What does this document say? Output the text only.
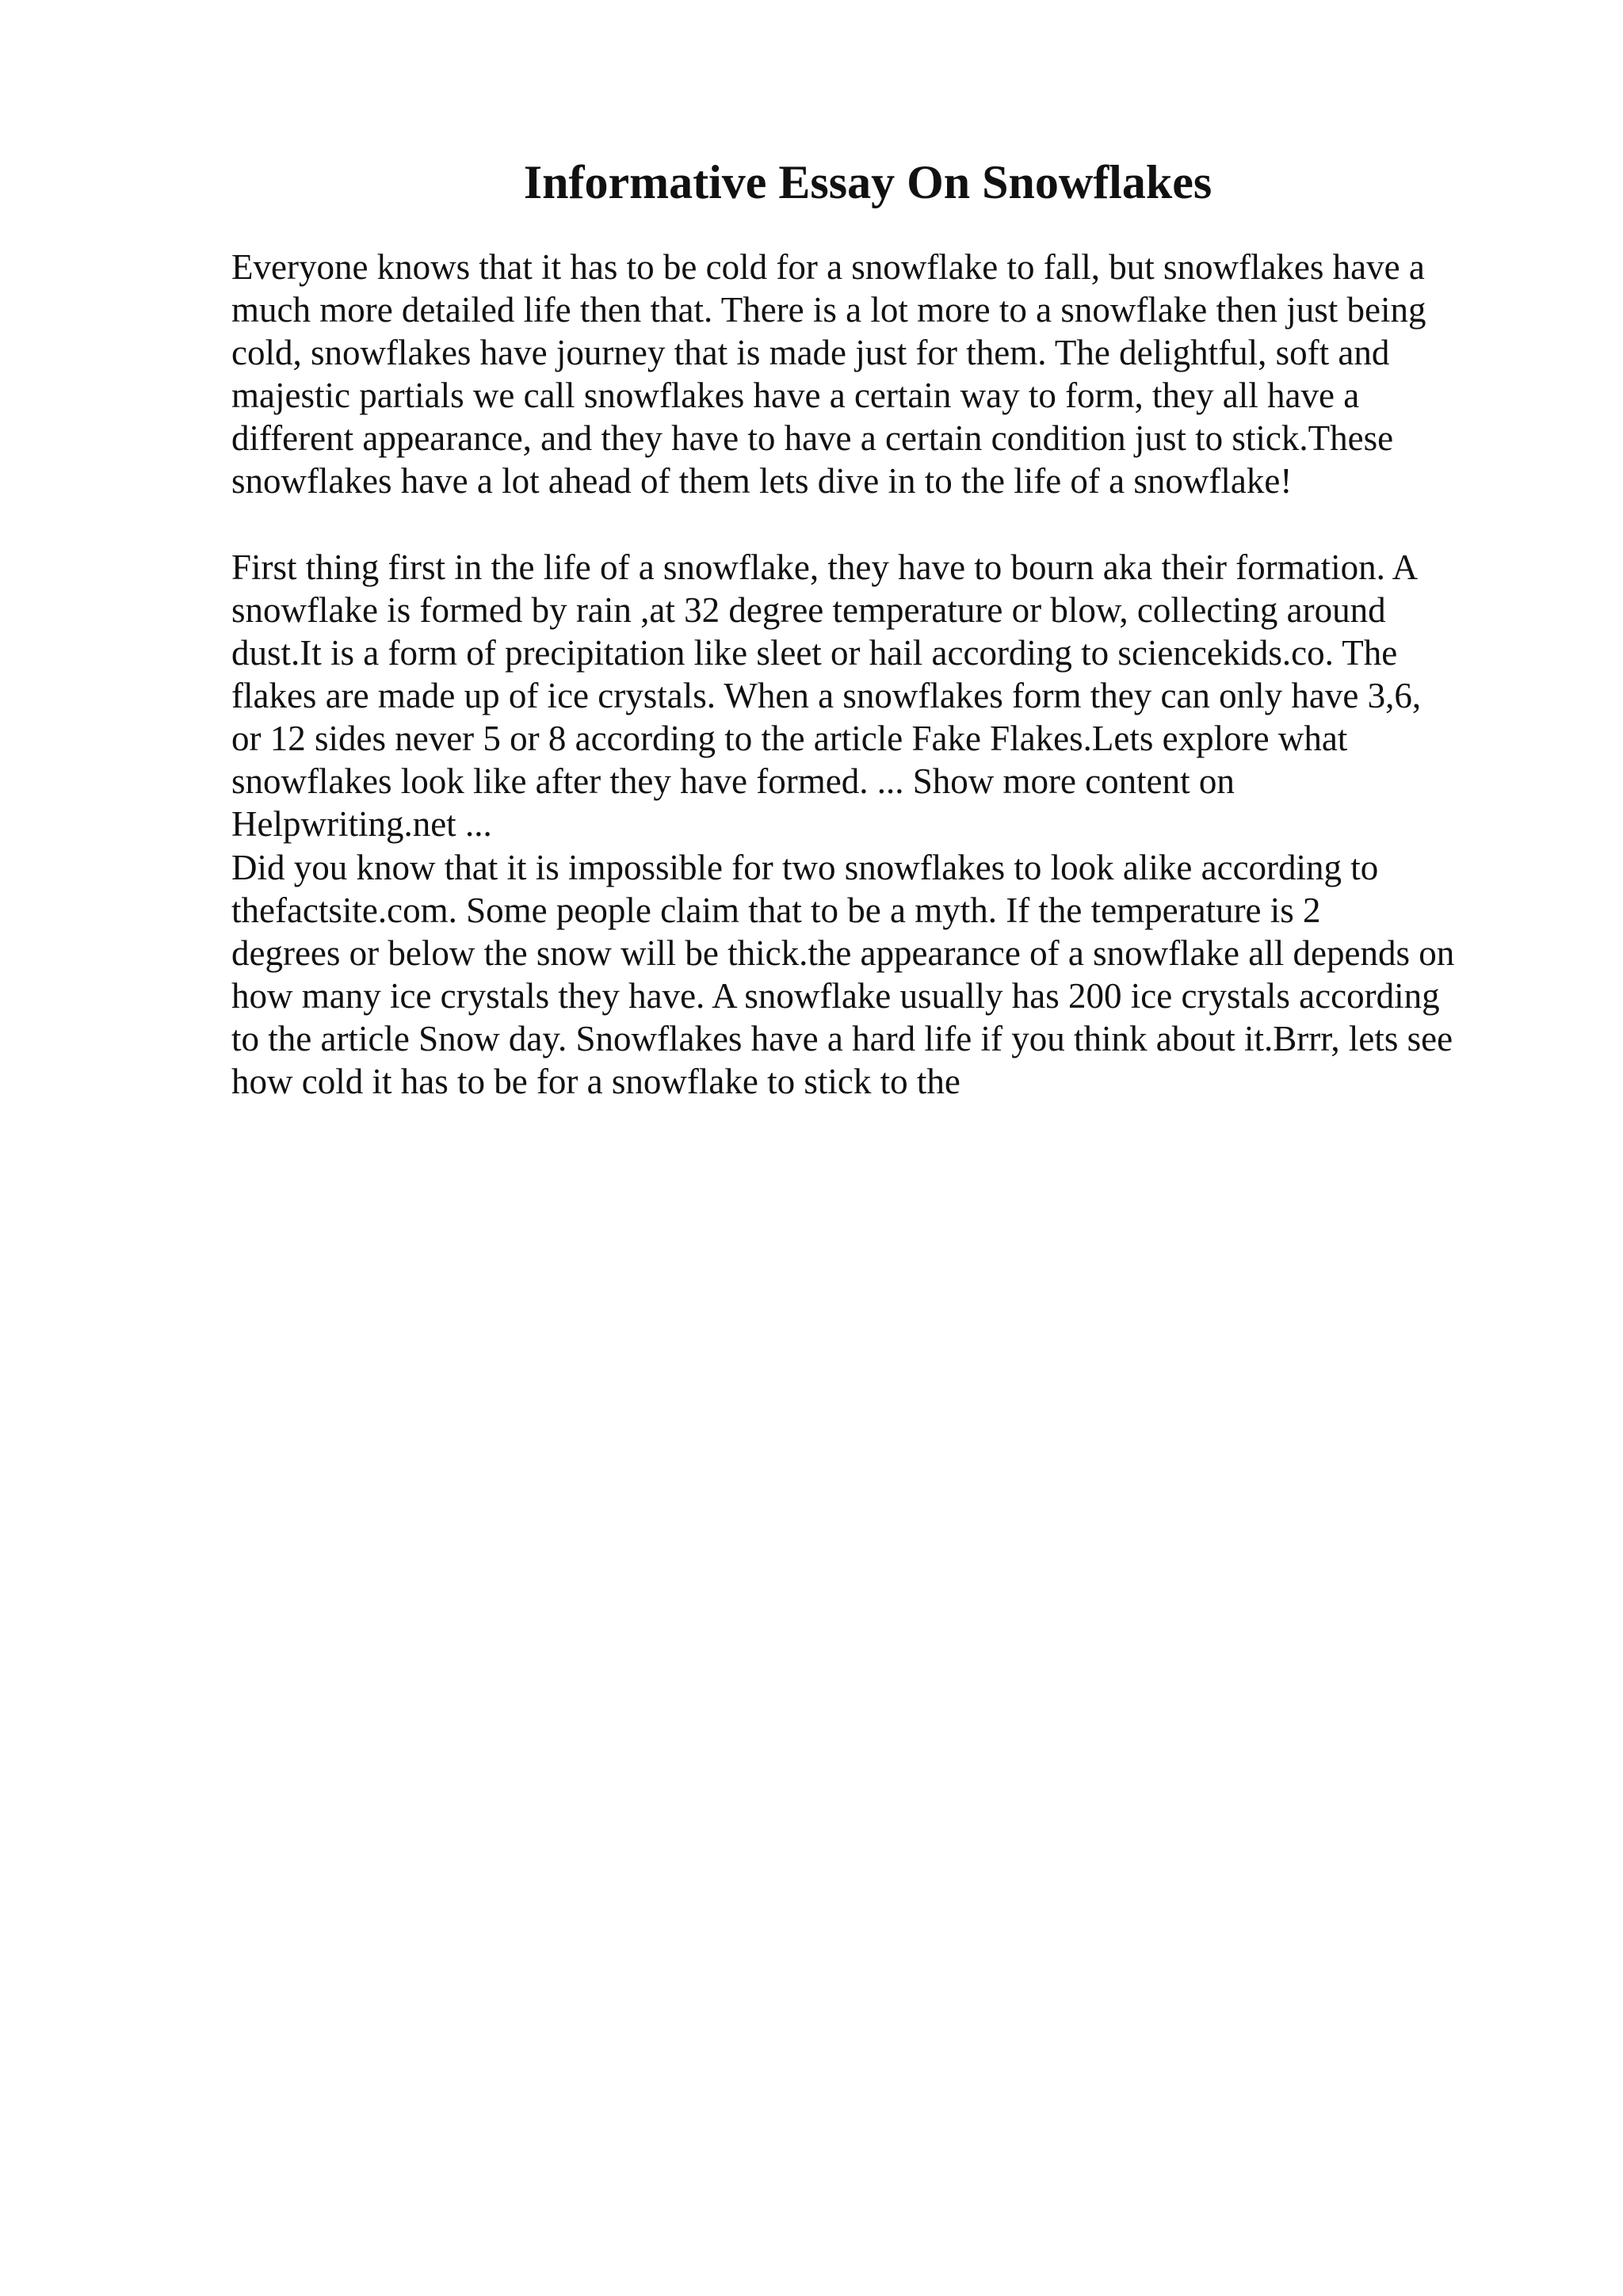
Informative Essay On Snowflakes

Everyone knows that it has to be cold for a snowflake to fall, but snowflakes have a
much more detailed life then that. There is a lot more to a snowflake then just being
cold, snowflakes have journey that is made just for them. The delightful, soft and
majestic partials we call snowflakes have a certain way to form, they all have a
different appearance, and they have to have a certain condition just to stick.These
snowflakes have a lot ahead of them lets dive in to the life of a snowflake!

First thing first in the life of a snowflake, they have to bourn aka their formation. A
snowflake is formed by rain ,at 32 degree temperature or blow, collecting around
dust.It is a form of precipitation like sleet or hail according to sciencekids.co. The
flakes are made up of ice crystals. When a snowflakes form they can only have 3,6,
or 12 sides never 5 or 8 according to the article Fake Flakes.Lets explore what
snowflakes look like after they have formed. ... Show more content on
Helpwriting.net ...

Did you know that it is impossible for two snowflakes to look alike according to
thefactsite.com. Some people claim that to be a myth. If the temperature is 2
degrees or below the snow will be thick.the appearance of a snowflake all depends on
how many ice crystals they have. A snowflake usually has 200 ice crystals according
to the article Snow day. Snowflakes have a hard life if you think about it.Brrr, lets see
how cold it has to be for a snowflake to stick to the
